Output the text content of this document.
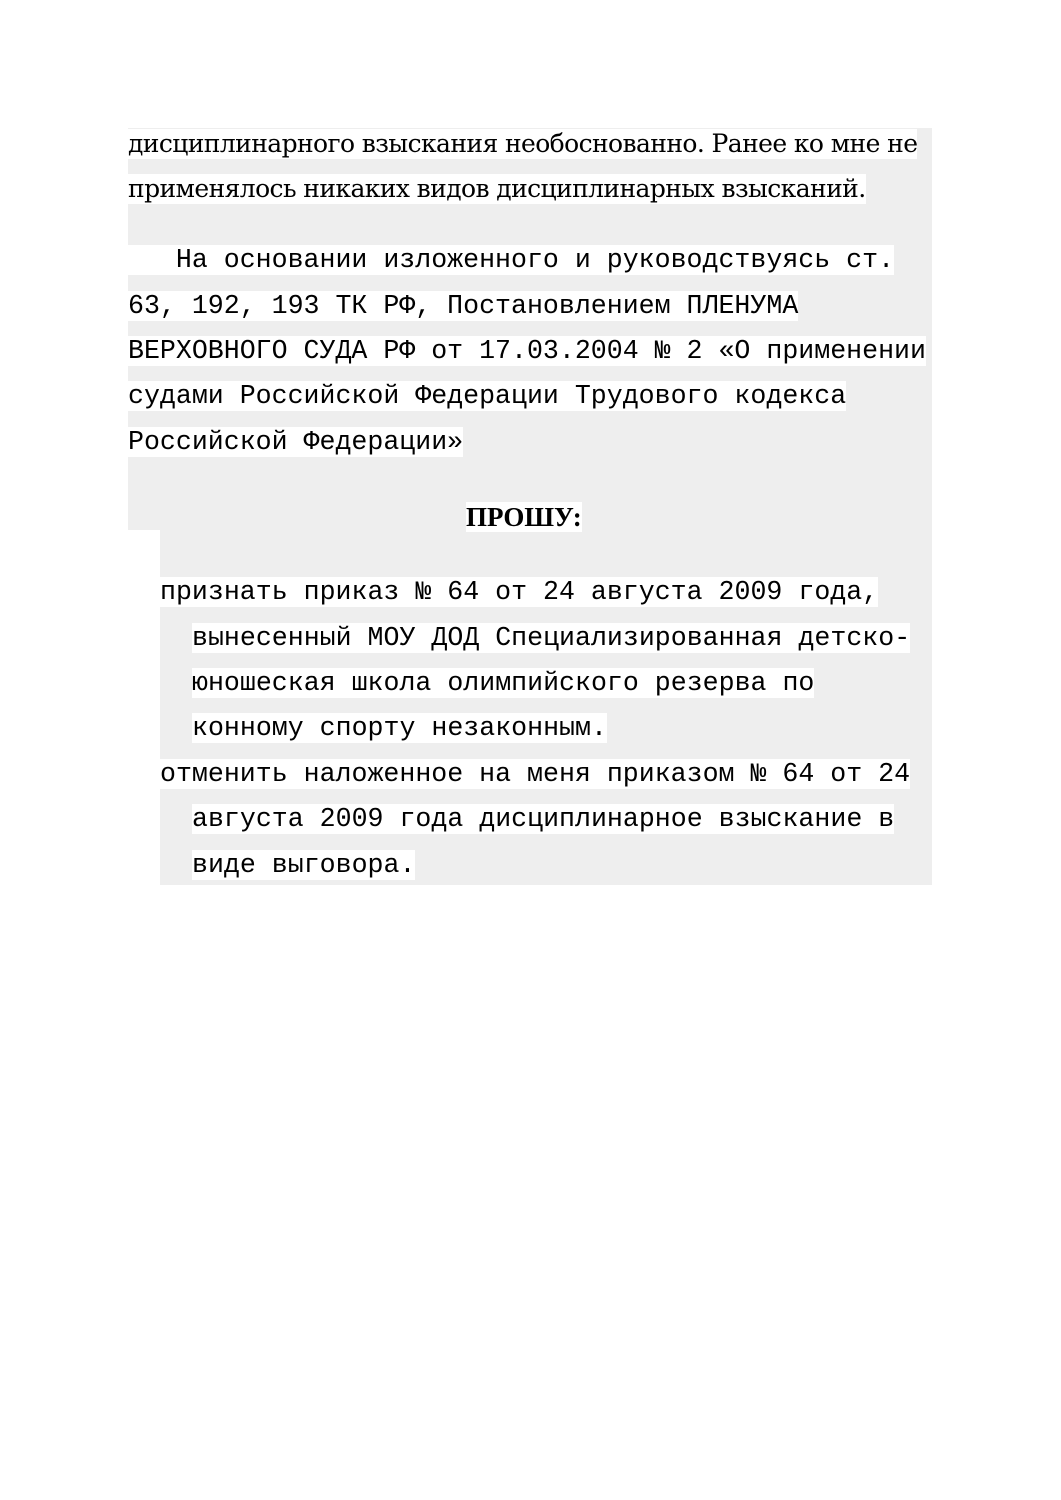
дисциплинарного взыскания необоснованно. Ранее ко мне не
применялось никаких видов дисциплинарных взысканий.
На основании изложенного и руководствуясь ст.
63, 192, 193 ТК РФ, Постановлением ПЛЕНУМА
ВЕРХОВНОГО СУДА РФ от 17.03.2004 № 2 «О применении
судами Российской Федерации Трудового кодекса
Российской Федерации»
ПРОШУ:
признать приказ № 64 от 24 августа 2009 года,
вынесенный МОУ ДОД Специализированная детско-
юношеская школа олимпийского резерва по
конному спорту незаконным.
отменить наложенное на меня приказом № 64 от 24
августа 2009 года дисциплинарное взыскание в
виде выговора.
